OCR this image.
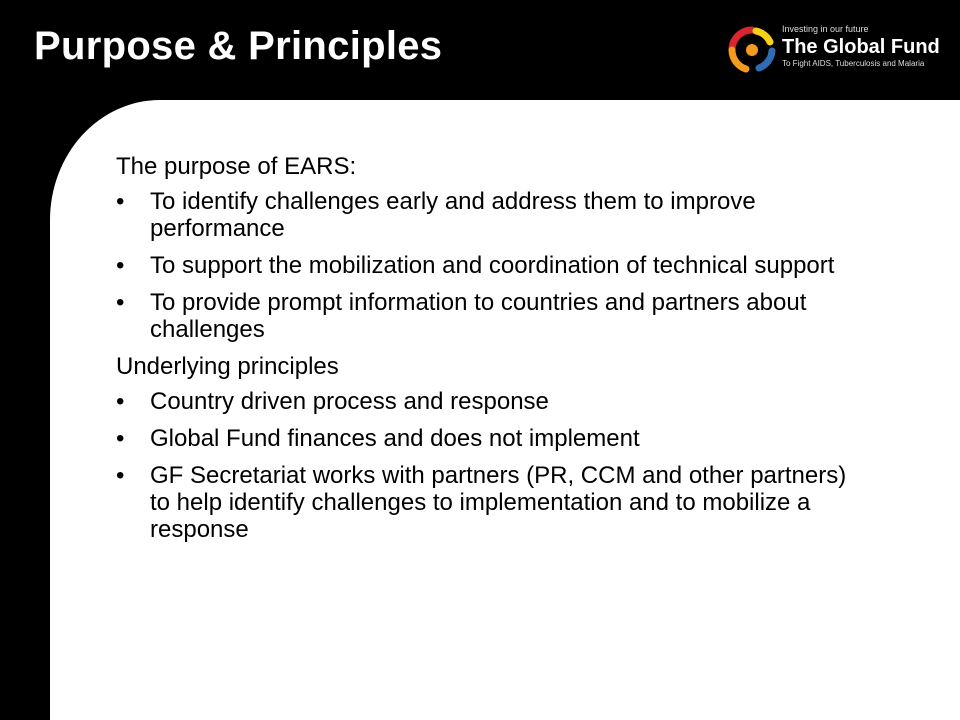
Purpose & Principles	Investing in our future
The Global Fund
To Fight AIDS, Tuberculosis and Malaria

The purpose of EARS:

• To identify challenges early and address them to improve performance
• To support the mobilization and coordination of technical support
• To provide prompt information to countries and partners about challenges

Underlying principles

• Country driven process and response
• Global Fund finances and does not implement
• GF Secretariat works with partners (PR, CCM and other partners) to help identify challenges to implementation and to mobilize a response
